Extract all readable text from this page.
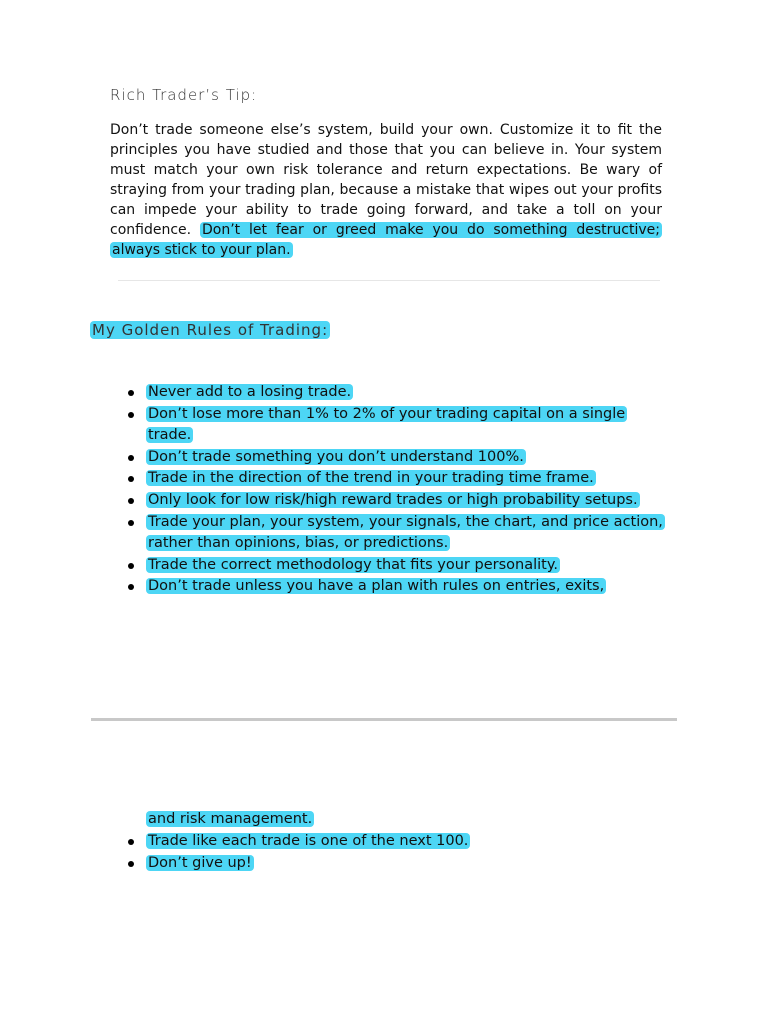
Rich Trader’s Tip:

Don’t trade someone else’s system, build your own. Customize it to fit the principles you have studied and those that you can believe in. Your system must match your own risk tolerance and return expectations. Be wary of straying from your trading plan, because a mistake that wipes out your profits can impede your ability to trade going forward, and take a toll on your confidence. Don’t let fear or greed make you do something destructive; always stick to your plan.

My Golden Rules of Trading:
Never add to a losing trade.
Don’t lose more than 1% to 2% of your trading capital on a single trade.
Don’t trade something you don’t understand 100%.
Trade in the direction of the trend in your trading time frame.
Only look for low risk/high reward trades or high probability setups.
Trade your plan, your system, your signals, the chart, and price action, rather than opinions, bias, or predictions.
Trade the correct methodology that fits your personality.
Don’t trade unless you have a plan with rules on entries, exits,
and risk management.
Trade like each trade is one of the next 100.
Don’t give up!
